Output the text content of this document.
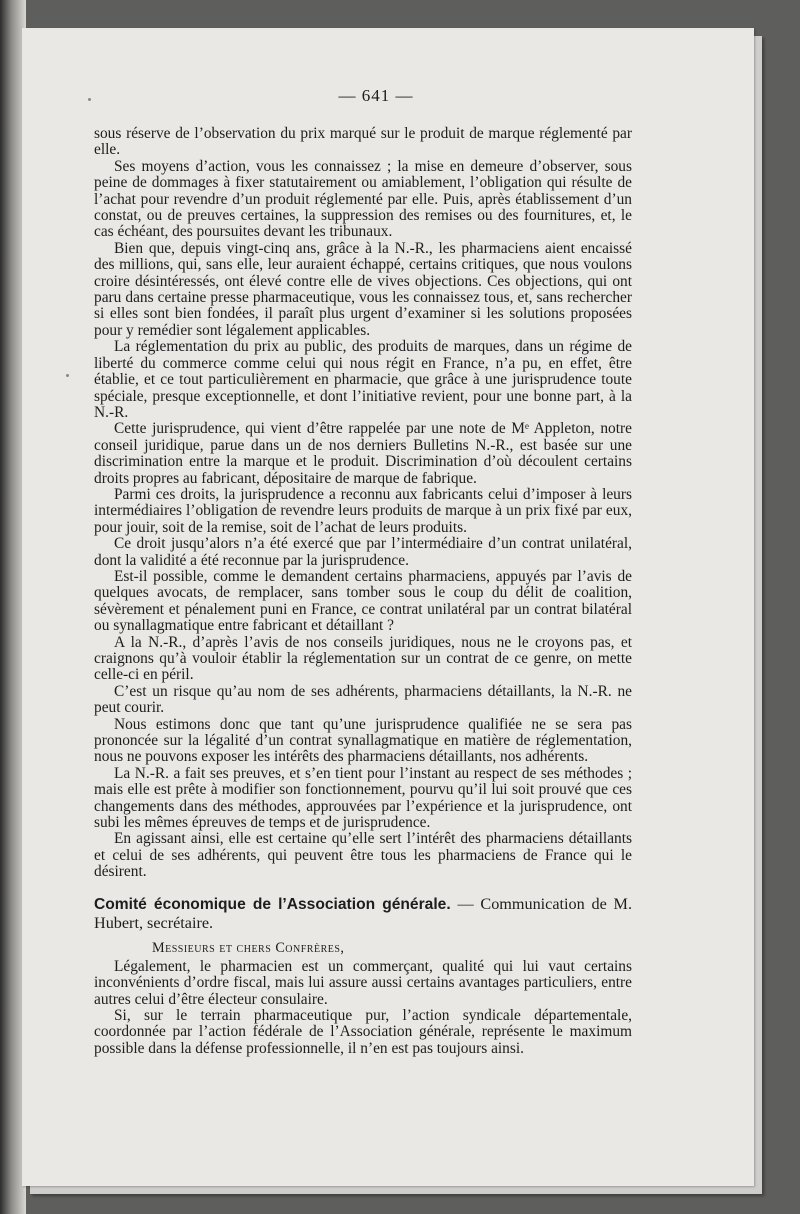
— 641 —

sous réserve de l’observation du prix marqué sur le produit de marque réglementé par elle.

Ses moyens d’action, vous les connaissez ; la mise en demeure d’observer, sous peine de dommages à fixer statutairement ou amiablement, l’obligation qui résulte de l’achat pour revendre d’un produit réglementé par elle. Puis, après établissement d’un constat, ou de preuves certaines, la suppression des remises ou des fournitures, et, le cas échéant, des poursuites devant les tribunaux.

Bien que, depuis vingt-cinq ans, grâce à la N.-R., les pharmaciens aient encaissé des millions, qui, sans elle, leur auraient échappé, certains critiques, que nous voulons croire désintéressés, ont élevé contre elle de vives objections. Ces objections, qui ont paru dans certaine presse pharmaceutique, vous les connaissez tous, et, sans rechercher si elles sont bien fondées, il paraît plus urgent d’examiner si les solutions proposées pour y remédier sont légalement applicables.

La réglementation du prix au public, des produits de marques, dans un régime de liberté du commerce comme celui qui nous régit en France, n’a pu, en effet, être établie, et ce tout particulièrement en pharmacie, que grâce à une jurisprudence toute spéciale, presque exceptionnelle, et dont l’initiative revient, pour une bonne part, à la N.-R.

Cette jurisprudence, qui vient d’être rappelée par une note de Mᵉ Appleton, notre conseil juridique, parue dans un de nos derniers Bulletins N.-R., est basée sur une discrimination entre la marque et le produit. Discrimination d’où découlent certains droits propres au fabricant, dépositaire de marque de fabrique.

Parmi ces droits, la jurisprudence a reconnu aux fabricants celui d’imposer à leurs intermédiaires l’obligation de revendre leurs produits de marque à un prix fixé par eux, pour jouir, soit de la remise, soit de l’achat de leurs produits.

Ce droit jusqu’alors n’a été exercé que par l’intermédiaire d’un contrat unilatéral, dont la validité a été reconnue par la jurisprudence.

Est-il possible, comme le demandent certains pharmaciens, appuyés par l’avis de quelques avocats, de remplacer, sans tomber sous le coup du délit de coalition, sévèrement et pénalement puni en France, ce contrat unilatéral par un contrat bilatéral ou synallagmatique entre fabricant et détaillant ?

A la N.-R., d’après l’avis de nos conseils juridiques, nous ne le croyons pas, et craignons qu’à vouloir établir la réglementation sur un contrat de ce genre, on mette celle-ci en péril.

C’est un risque qu’au nom de ses adhérents, pharmaciens détaillants, la N.-R. ne peut courir.

Nous estimons donc que tant qu’une jurisprudence qualifiée ne se sera pas prononcée sur la légalité d’un contrat synallagmatique en matière de réglementation, nous ne pouvons exposer les intérêts des pharmaciens détaillants, nos adhérents.

La N.-R. a fait ses preuves, et s’en tient pour l’instant au respect de ses méthodes ; mais elle est prête à modifier son fonctionnement, pourvu qu’il lui soit prouvé que ces changements dans des méthodes, approuvées par l’expérience et la jurisprudence, ont subi les mêmes épreuves de temps et de jurisprudence.

En agissant ainsi, elle est certaine qu’elle sert l’intérêt des pharmaciens détaillants et celui de ses adhérents, qui peuvent être tous les pharmaciens de France qui le désirent.

Comité économique de l’Association générale. — Communication de M. Hubert, secrétaire.

Messieurs et chers Confrères,

Légalement, le pharmacien est un commerçant, qualité qui lui vaut certains inconvénients d’ordre fiscal, mais lui assure aussi certains avantages particuliers, entre autres celui d’être électeur consulaire.

Si, sur le terrain pharmaceutique pur, l’action syndicale départementale, coordonnée par l’action fédérale de l’Association générale, représente le maximum possible dans la défense professionnelle, il n’en est pas toujours ainsi.
